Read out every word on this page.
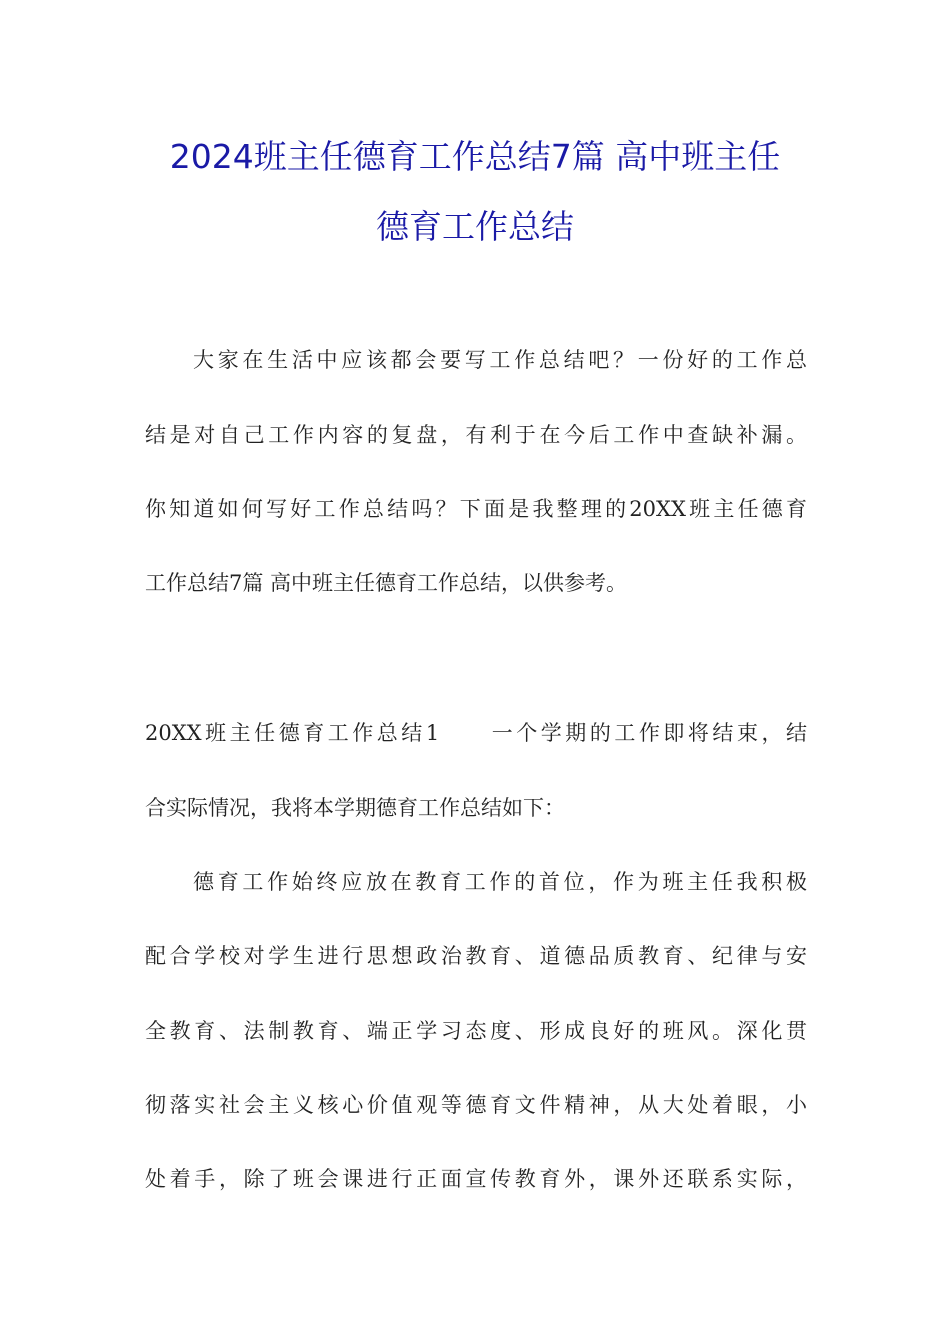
2024班主任德育工作总结7篇 高中班主任
德育工作总结
大家在生活中应该都会要写工作总结吧？一份好的工作总
结是对自己工作内容的复盘，有利于在今后工作中查缺补漏。
你知道如何写好工作总结吗？下面是我整理的20XX班主任德育
工作总结7篇 高中班主任德育工作总结，以供参考。
20XX班主任德育工作总结1　　一个学期的工作即将结束，结
合实际情况，我将本学期德育工作总结如下：
德育工作始终应放在教育工作的首位，作为班主任我积极
配合学校对学生进行思想政治教育、道德品质教育、纪律与安
全教育、法制教育、端正学习态度、形成良好的班风。深化贯
彻落实社会主义核心价值观等德育文件精神，从大处着眼，小
处着手，除了班会课进行正面宣传教育外，课外还联系实际，
